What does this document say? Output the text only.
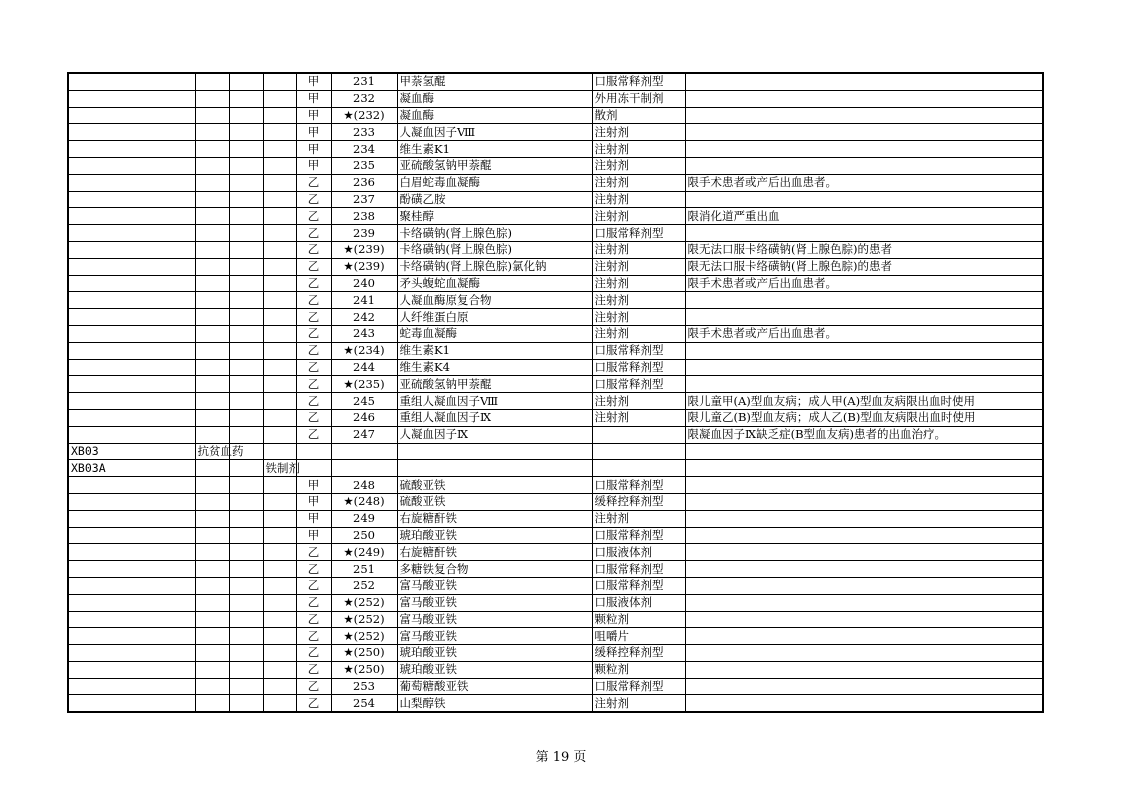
				甲	231	甲萘氢醌	口服常释剂型	
				甲	232	凝血酶	外用冻干制剂	
				甲	★(232)	凝血酶	散剂	
				甲	233	人凝血因子Ⅷ	注射剂	
				甲	234	维生素K1	注射剂	
				甲	235	亚硫酸氢钠甲萘醌	注射剂	
				乙	236	白眉蛇毒血凝酶	注射剂	限手术患者或产后出血患者。
				乙	237	酚磺乙胺	注射剂	
				乙	238	聚桂醇	注射剂	限消化道严重出血
				乙	239	卡络磺钠(肾上腺色腙)	口服常释剂型	
				乙	★(239)	卡络磺钠(肾上腺色腙)	注射剂	限无法口服卡络磺钠(肾上腺色腙)的患者
				乙	★(239)	卡络磺钠(肾上腺色腙)氯化钠	注射剂	限无法口服卡络磺钠(肾上腺色腙)的患者
				乙	240	矛头蝮蛇血凝酶	注射剂	限手术患者或产后出血患者。
				乙	241	人凝血酶原复合物	注射剂	
				乙	242	人纤维蛋白原	注射剂	
				乙	243	蛇毒血凝酶	注射剂	限手术患者或产后出血患者。
				乙	★(234)	维生素K1	口服常释剂型	
				乙	244	维生素K4	口服常释剂型	
				乙	★(235)	亚硫酸氢钠甲萘醌	口服常释剂型	
				乙	245	重组人凝血因子Ⅷ	注射剂	限儿童甲(A)型血友病；成人甲(A)型血友病限出血时使用
				乙	246	重组人凝血因子Ⅸ	注射剂	限儿童乙(B)型血友病；成人乙(B)型血友病限出血时使用
				乙	247	人凝血因子Ⅸ		限凝血因子Ⅸ缺乏症(B型血友病)患者的出血治疗。
XB03	抗贫血药							
XB03A			铁制剂					
				甲	248	硫酸亚铁	口服常释剂型	
				甲	★(248)	硫酸亚铁	缓释控释剂型	
				甲	249	右旋糖酐铁	注射剂	
				甲	250	琥珀酸亚铁	口服常释剂型	
				乙	★(249)	右旋糖酐铁	口服液体剂	
				乙	251	多糖铁复合物	口服常释剂型	
				乙	252	富马酸亚铁	口服常释剂型	
				乙	★(252)	富马酸亚铁	口服液体剂	
				乙	★(252)	富马酸亚铁	颗粒剂	
				乙	★(252)	富马酸亚铁	咀嚼片	
				乙	★(250)	琥珀酸亚铁	缓释控释剂型	
				乙	★(250)	琥珀酸亚铁	颗粒剂	
				乙	253	葡萄糖酸亚铁	口服常释剂型	
				乙	254	山梨醇铁	注射剂	
第 19 页
